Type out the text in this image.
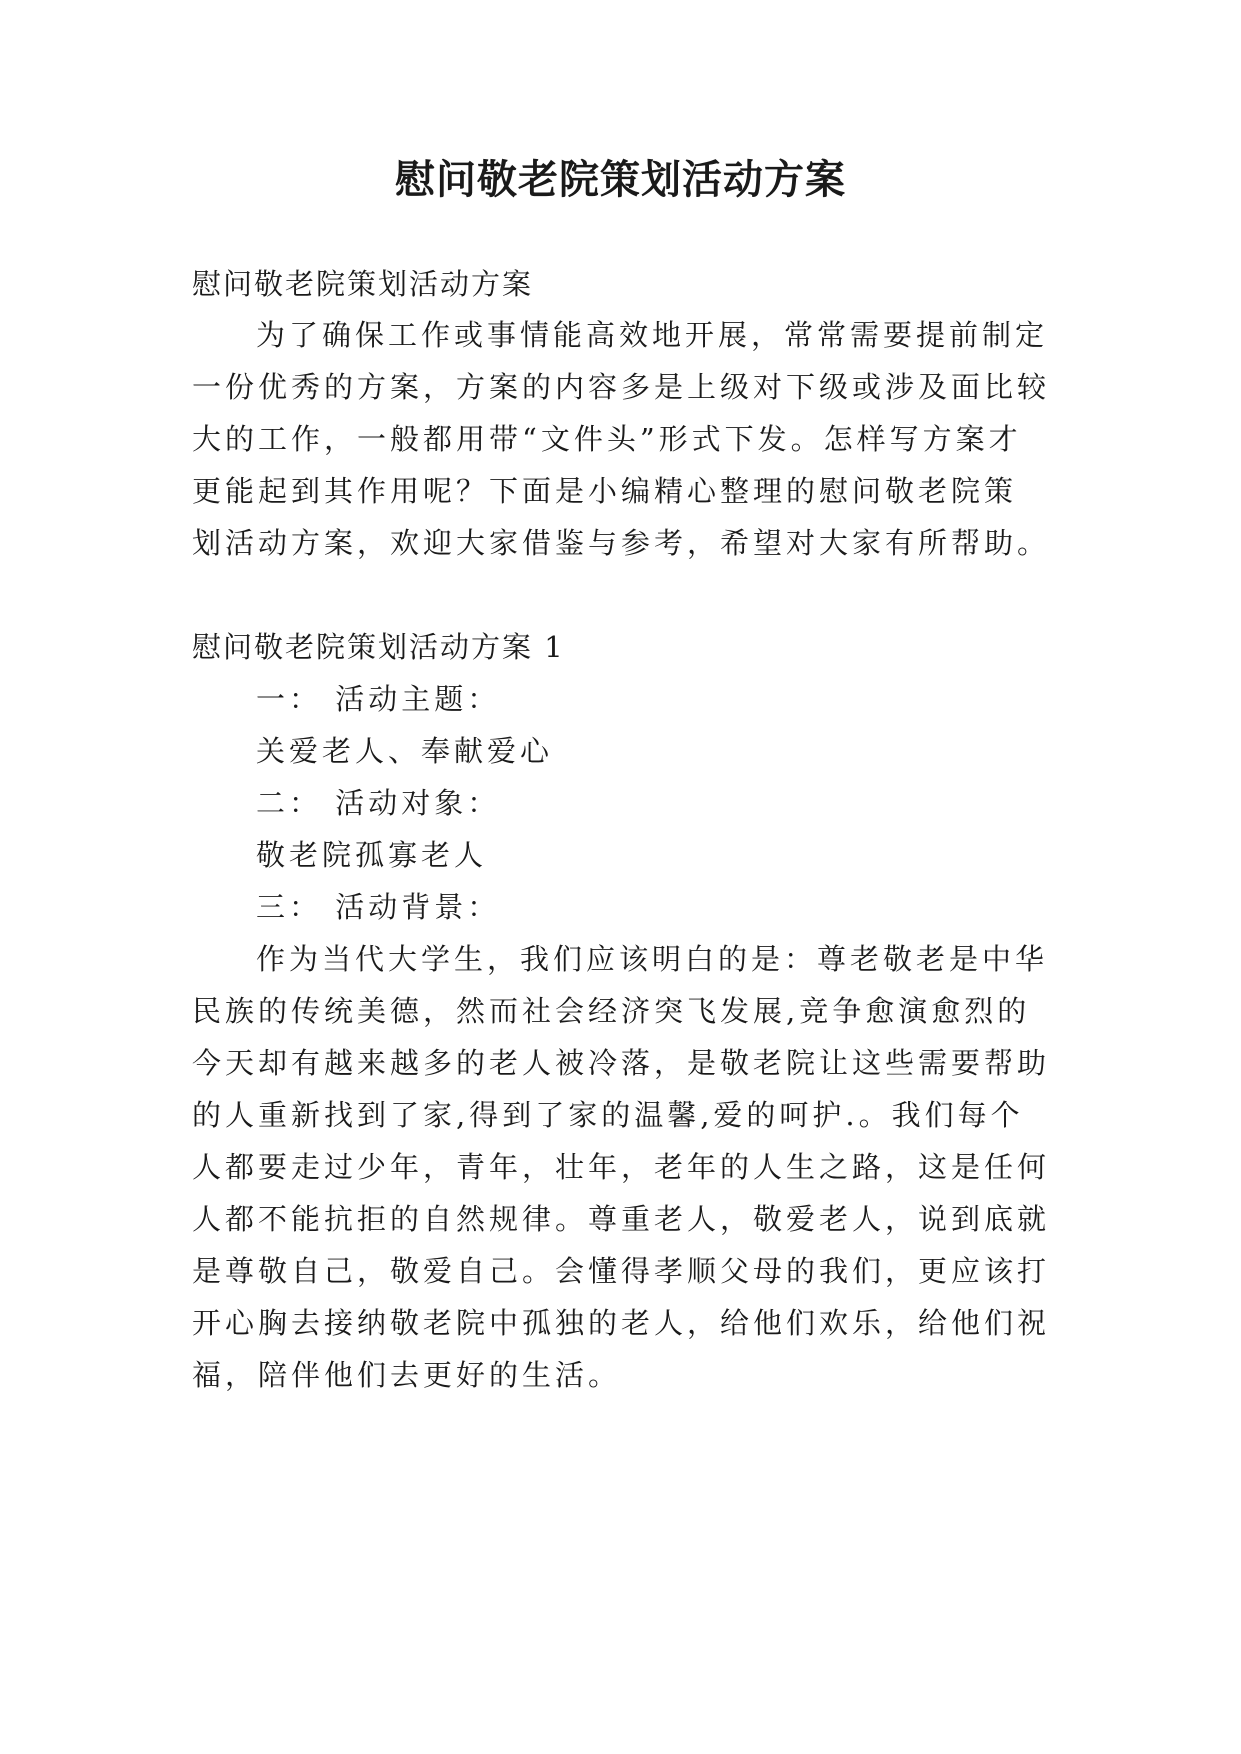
慰问敬老院策划活动方案
慰问敬老院策划活动方案
为了确保工作或事情能高效地开展，常常需要提前制定
一份优秀的方案，方案的内容多是上级对下级或涉及面比较
大的工作，一般都用带“文件头”形式下发。怎样写方案才
更能起到其作用呢？下面是小编精心整理的慰问敬老院策
划活动方案，欢迎大家借鉴与参考，希望对大家有所帮助。
慰问敬老院策划活动方案 1
一： 活动主题：
关爱老人、奉献爱心
二： 活动对象：
敬老院孤寡老人
三： 活动背景：
作为当代大学生，我们应该明白的是：尊老敬老是中华
民族的传统美德，然而社会经济突飞发展,竞争愈演愈烈的
今天却有越来越多的老人被冷落，是敬老院让这些需要帮助
的人重新找到了家,得到了家的温馨,爱的呵护.。我们每个
人都要走过少年，青年，壮年，老年的人生之路，这是任何
人都不能抗拒的自然规律。尊重老人，敬爱老人，说到底就
是尊敬自己，敬爱自己。会懂得孝顺父母的我们，更应该打
开心胸去接纳敬老院中孤独的老人，给他们欢乐，给他们祝
福，陪伴他们去更好的生活。
